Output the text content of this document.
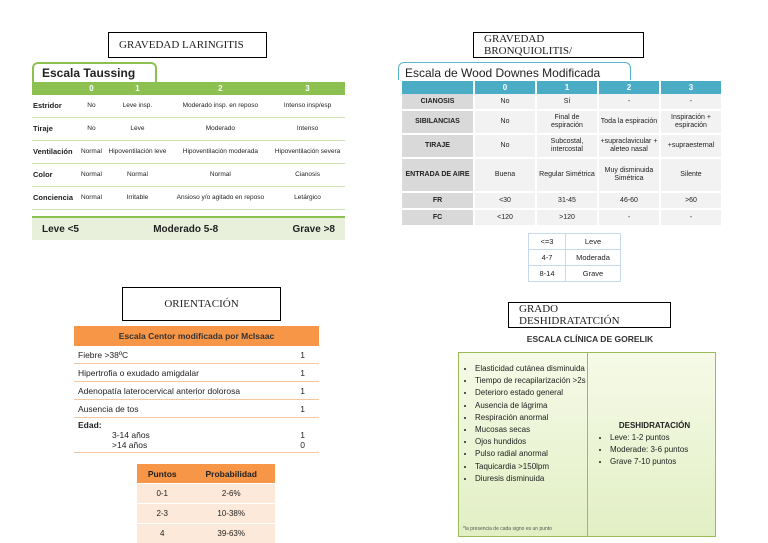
GRAVEDAD LARINGITIS	GRAVEDAD BRONQUIOLITIS/
ORIENTACIÓN	GRADO DESHIDRATATCIÓN
Escala Taussing
	0	1	2	3
Estridor	No	Leve insp.	Moderado insp. en reposo	Intenso insp/esp
Tiraje	No	Leve	Moderado	Intenso
Ventilación	Normal	Hipoventilación leve	Hipoventilación moderada	Hipoventilación severa
Color	Normal	Normal	Normal	Cianosis
Conciencia	Normal	Irritable	Ansioso y/o agitado en reposo	Letárgico
Leve <5	Moderado 5-8	Grave >8
Escala de Wood Downes Modificada
	0	1	2	3
CIANOSIS	No	Sí	-	-
SIBILANCIAS	No	Final de espiración	Toda la espiración	Inspiración + espiración
TIRAJE	No	Subcostal, intercostal	+supraclavicular + aleteo nasal	+supraesternal
ENTRADA DE AIRE	Buena	Regular Simétrica	Muy disminuida Simétrica	Silente
FR	<30	31-45	46-60	>60
FC	<120	>120	-	-
<=3	Leve
4-7	Moderada
8-14	Grave
Escala Centor modificada por McIsaac
Fiebre >38ºC	1
Hipertrofia o exudado amigdalar	1
Adenopatía laterocervical anterior dolorosa	1
Ausencia de tos	1
Edad:
3-14 años	1
>14 años	0
Puntos	Probabilidad
0-1	2-6%
2-3	10-38%
4	39-63%
• Elasticidad cutánea disminuida
• Tiempo de recapilarización >2s
• Deterioro estado general
• Ausencia de lágrima
• Respiración anormal
• Mucosas secas
• Ojos hundidos
• Pulso radial anormal
• Taquicardia >150lpm
• Diuresis disminuida
*la presencia de cada signo es un punto
DESHIDRATACIÓN
• Leve: 1-2 puntos
• Moderade: 3-6 puntos
• Grave 7-10 puntos
ESCALA CLÍNICA DE GORELIK
